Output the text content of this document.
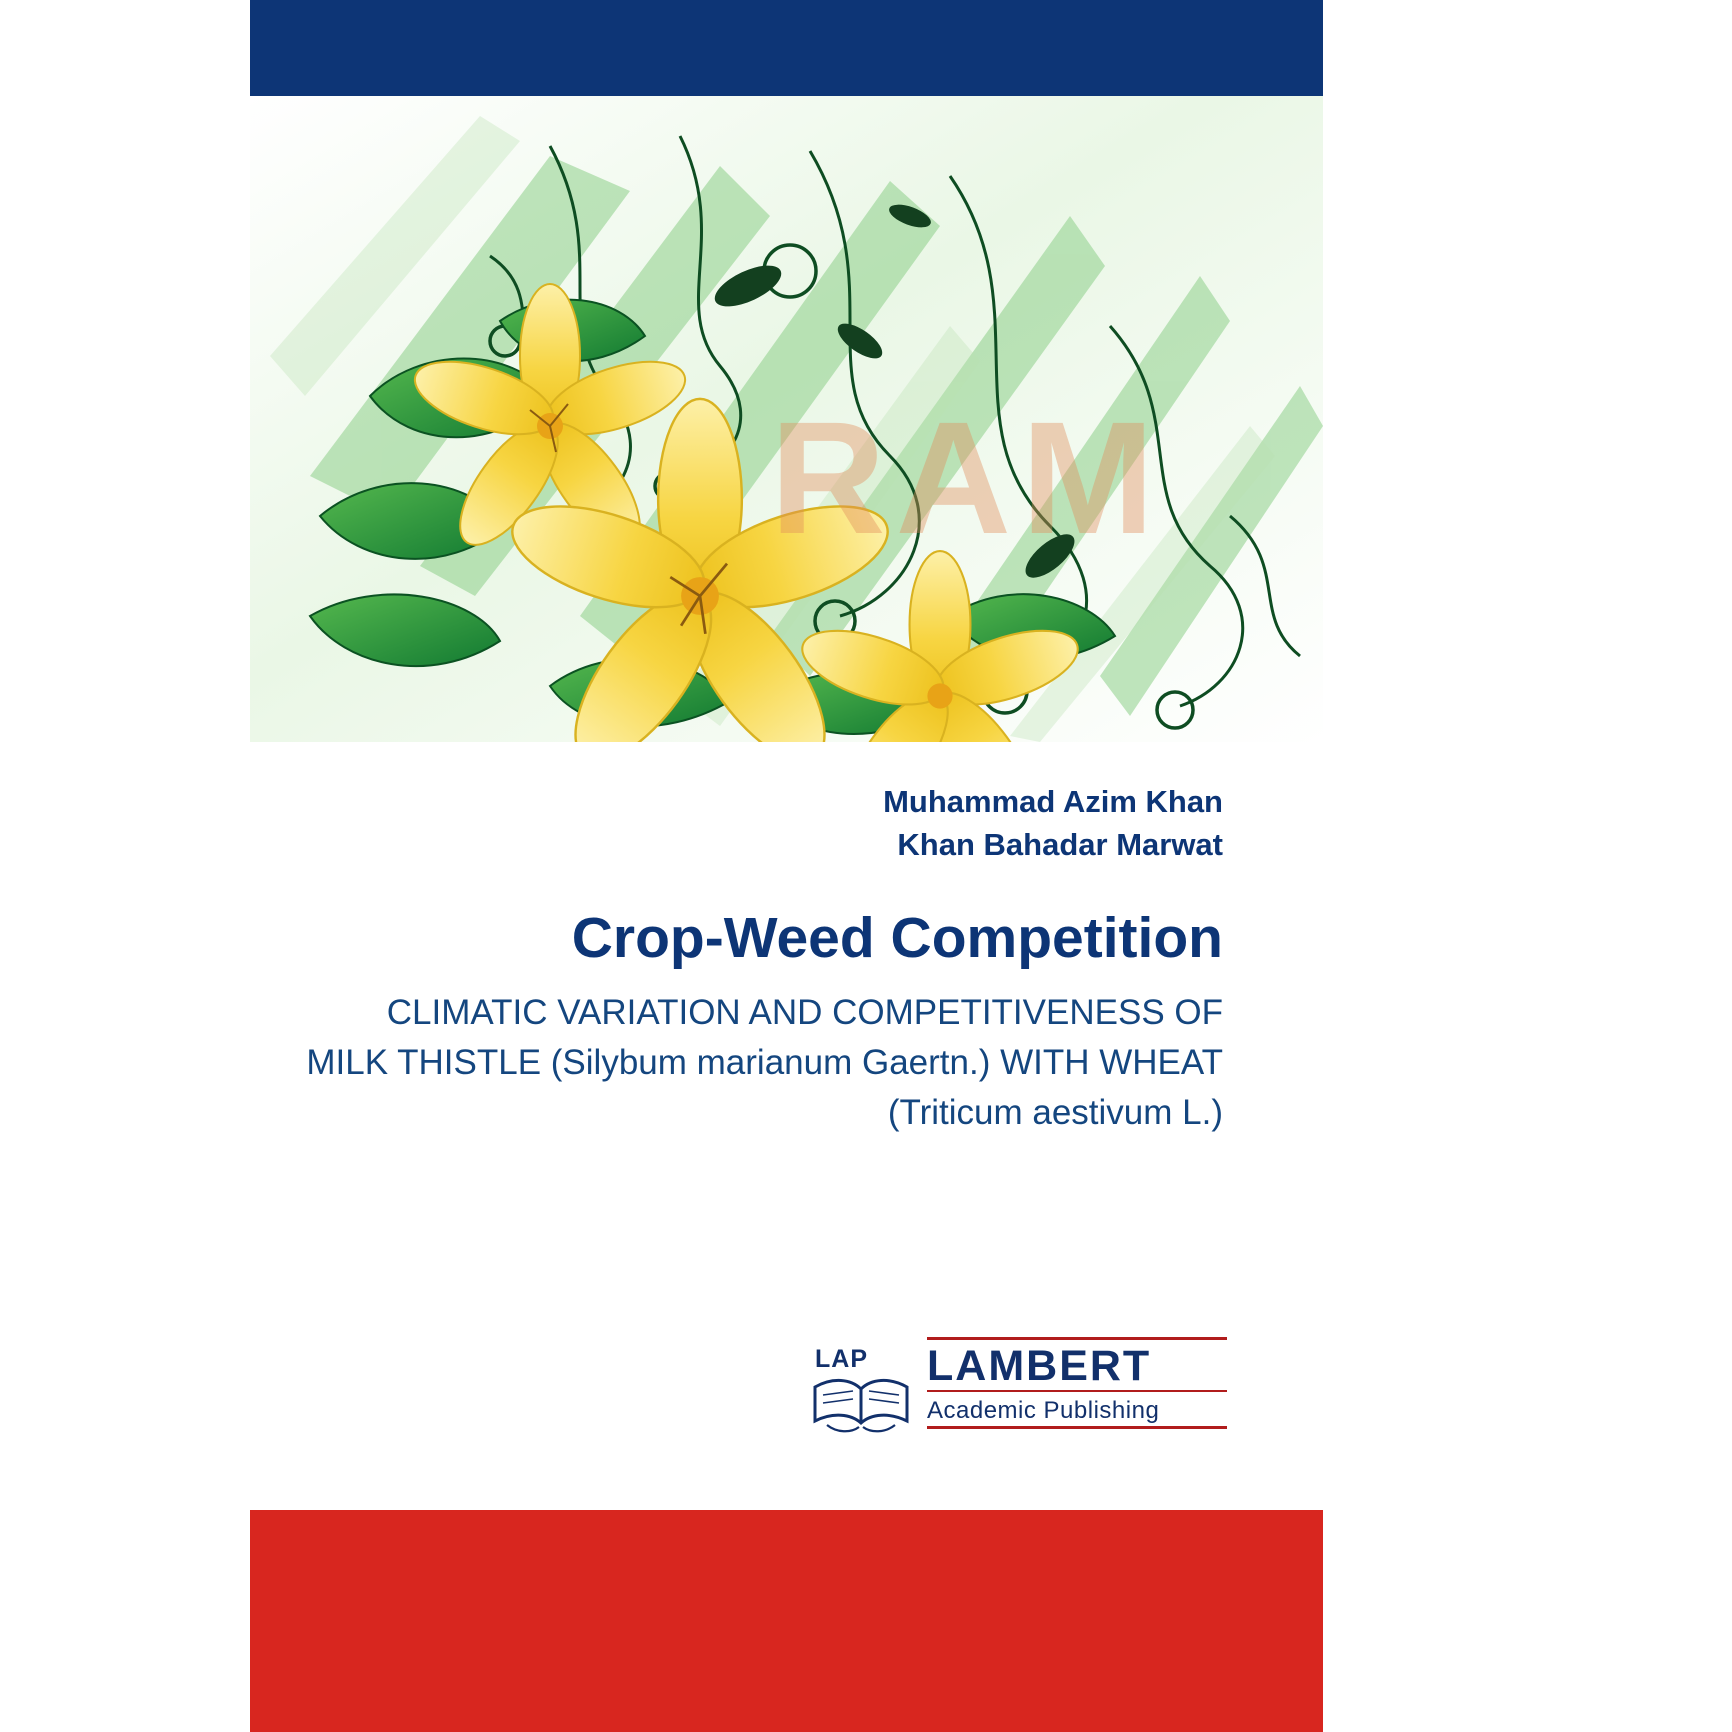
RAM
Muhammad Azim Khan
Khan Bahadar Marwat
Crop-Weed Competition
CLIMATIC VARIATION AND COMPETITIVENESS OF MILK THISTLE (Silybum marianum Gaertn.) WITH WHEAT (Triticum aestivum L.)
LAP LAMBERT
Academic Publishing
